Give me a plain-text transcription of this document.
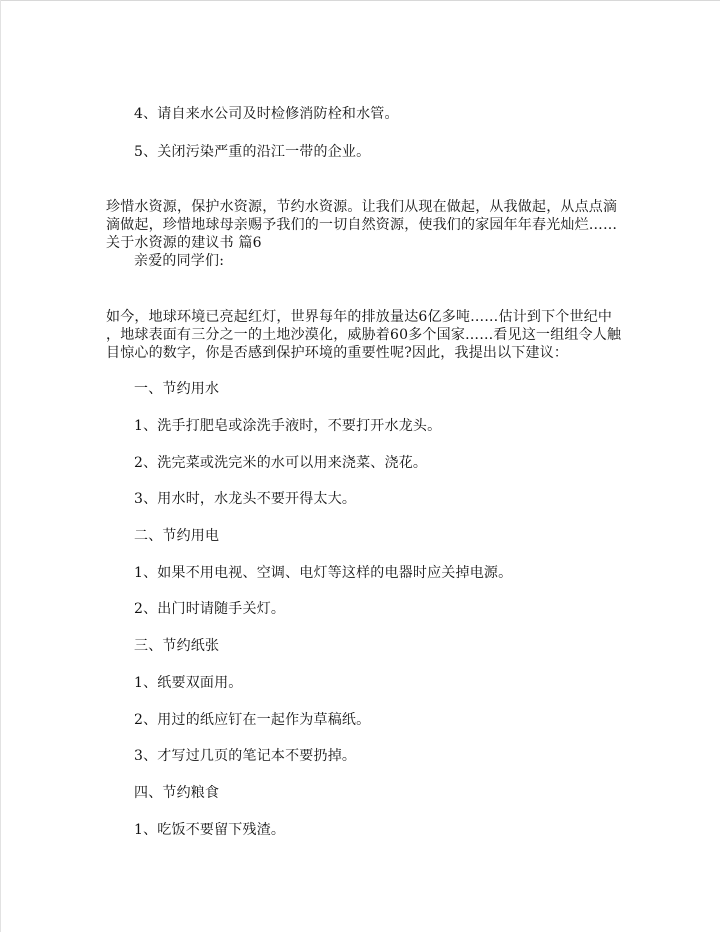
4、请自来水公司及时检修消防栓和水管。
5、关闭污染严重的沿江一带的企业。
珍惜水资源，保护水资源，节约水资源。让我们从现在做起，从我做起，从点点滴
滴做起，珍惜地球母亲赐予我们的一切自然资源，使我们的家园年年春光灿烂……
关于水资源的建议书 篇6
亲爱的同学们:
如今，地球环境已亮起红灯，世界每年的排放量达6亿多吨……估计到下个世纪中
，地球表面有三分之一的土地沙漠化，威胁着60多个国家……看见这一组组令人触
目惊心的数字，你是否感到保护环境的重要性呢?因此，我提出以下建议：
一、节约用水
1、洗手打肥皂或涂洗手液时，不要打开水龙头。
2、洗完菜或洗完米的水可以用来浇菜、浇花。
3、用水时，水龙头不要开得太大。
二、节约用电
1、如果不用电视、空调、电灯等这样的电器时应关掉电源。
2、出门时请随手关灯。
三、节约纸张
1、纸要双面用。
2、用过的纸应钉在一起作为草稿纸。
3、才写过几页的笔记本不要扔掉。
四、节约粮食
1、吃饭不要留下残渣。
